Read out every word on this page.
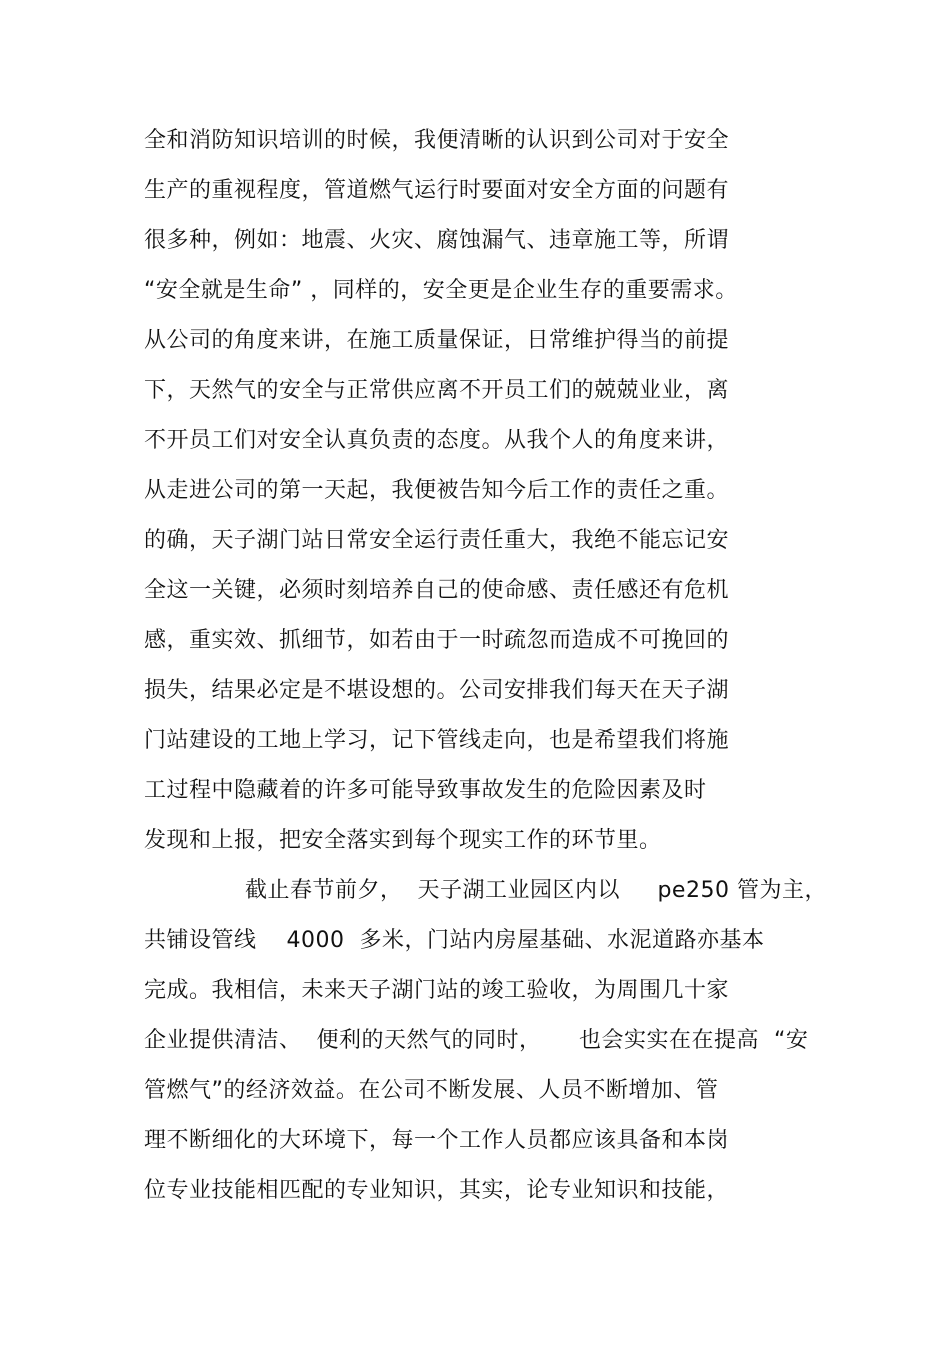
全和消防知识培训的时候，我便清晰的认识到公司对于安全
生产的重视程度，管道燃气运行时要面对安全方面的问题有
很多种，例如：地震、火灾、腐蚀漏气、违章施工等，所谓
“安全就是生命” ，同样的，安全更是企业生存的重要需求。
从公司的角度来讲，在施工质量保证，日常维护得当的前提
下，天然气的安全与正常供应离不开员工们的兢兢业业，离
不开员工们对安全认真负责的态度。从我个人的角度来讲，
从走进公司的第一天起，我便被告知今后工作的责任之重。
的确，天子湖门站日常安全运行责任重大，我绝不能忘记安
全这一关键，必须时刻培养自己的使命感、责任感还有危机
感，重实效、抓细节，如若由于一时疏忽而造成不可挽回的
损失，结果必定是不堪设想的。公司安排我们每天在天子湖
门站建设的工地上学习，记下管线走向，也是希望我们将施
工过程中隐藏着的许多可能导致事故发生的危险因素及时
发现和上报，把安全落实到每个现实工作的环节里。
截止春节前夕，  天子湖工业园区内以     pe250 管为主，
共铺设管线    4000  多米，门站内房屋基础、水泥道路亦基本
完成。我相信，未来天子湖门站的竣工验收，为周围几十家
企业提供清洁、  便利的天然气的同时，     也会实实在在提高  “安
管燃气”的经济效益。在公司不断发展、人员不断增加、管
理不断细化的大环境下，每一个工作人员都应该具备和本岗
位专业技能相匹配的专业知识，其实，论专业知识和技能，
